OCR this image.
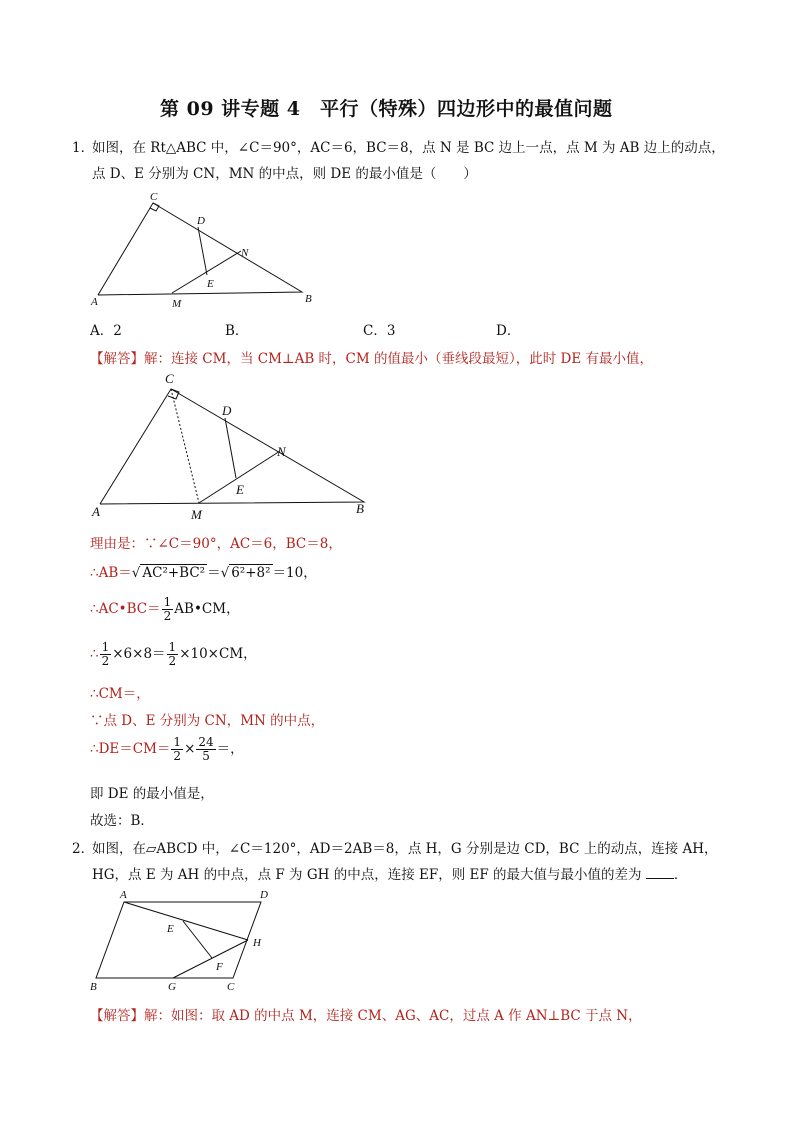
第 09 讲专题 4　平行（特殊）四边形中的最值问题
1．
如图，在 Rt△ABC 中，∠C＝90°，AC＝6，BC＝8，点 N 是 BC 边上一点，点 M 为 AB 边上的动点，
点 D、E 分别为 CN，MN 的中点，则 DE 的最小值是（　　）
C
D
N
E
A	M	B
A．2	B．	C．3	D．
【解答】解：连接 CM，当 CM⊥AB 时，CM 的值最小（垂线段最短），此时 DE 有最小值，
C
D
N
E
A	M	B
理由是：∵∠C＝90°，AC＝6，BC＝8，
∴AB＝√ AC²+BC² ＝√ 6²+8² ＝10，
∴AC•BC＝ $\frac{1}{2}$ AB•CM，
∴ $\frac{1}{2} \times 6\times 8= \frac{1}{2} \times 10\times CM$，
∴CM＝，
∵点 D、E 分别为 CN，MN 的中点，
∴DE＝CM＝ $\frac{1}{2} \times \frac{24}{5}$ ＝，
即 DE 的最小值是，
故选：B．
2．
如图，在▱ABCD 中，∠C＝120°，AD＝2AB＝8，点 H，G 分别是边 CD，BC 上的动点，连接 AH，
HG，点 E 为 AH 的中点，点 F 为 GH 的中点，连接 EF，则 EF 的最大值与最小值的差为 ．
A	D
E
H
F
B	G	C
【解答】解：如图：取 AD 的中点 M，连接 CM、AG、AC，过点 A 作 AN⊥BC 于点 N，
